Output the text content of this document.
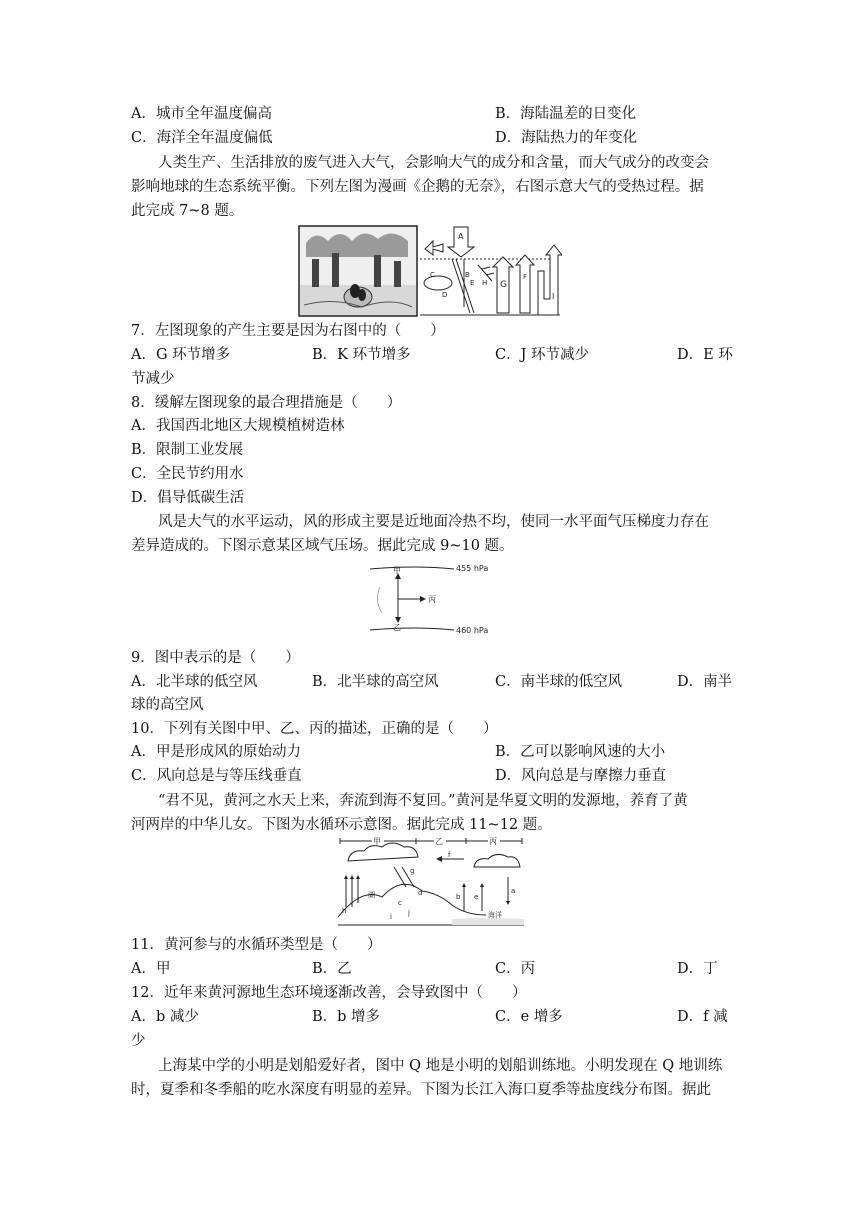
A．城市全年温度偏高	B．海陆温差的日变化
C．海洋全年温度偏低	D．海陆热力的年变化
人类生产、生活排放的废气进入大气，会影响大气的成分和含量，而大气成分的改变会
影响地球的生态系统平衡。下列左图为漫画《企鹅的无奈》，右图示意大气的受热过程。据
此完成 7~8 题。
A
C
D
B
E H G
F
I
7．左图现象的产生主要是因为右图中的（　　）
A．G 环节增多	B．K 环节增多	C．J 环节减少	D．E 环
节减少
8．缓解左图现象的最合理措施是（　　）
A．我国西北地区大规模植树造林
B．限制工业发展
C．全民节约用水
D．倡导低碳生活
风是大气的水平运动，风的形成主要是近地面冷热不均，使同一水平面气压梯度力存在
差异造成的。下图示意某区域气压场。据此完成 9~10 题。
455 hPa
460 hPa
甲
乙
丙
9．图中表示的是（　　）
A．北半球的低空风	B．北半球的高空风	C．南半球的低空风	D．南半
球的高空风
10．下列有关图中甲、乙、丙的描述，正确的是（　　）
A．甲是形成风的原始动力	B．乙可以影响风速的大小
C．风向总是与等压线垂直	D．风向总是与摩擦力垂直
“君不见，黄河之水天上来，奔流到海不复回。”黄河是华夏文明的发源地，养育了黄
河两岸的中华儿女。下图为水循环示意图。据此完成 11~12 题。
甲	乙	丙
f
海洋
湖
h
g
d
c
j
i
b e
a
11．黄河参与的水循环类型是（　　）
A．甲	B．乙	C．丙	D．丁
12．近年来黄河源地生态环境逐渐改善，会导致图中（　　）
A．b 减少	B．b 增多	C．e 增多	D．f 减
少
上海某中学的小明是划船爱好者，图中 Q 地是小明的划船训练地。小明发现在 Q 地训练
时，夏季和冬季船的吃水深度有明显的差异。下图为长江入海口夏季等盐度线分布图。据此
